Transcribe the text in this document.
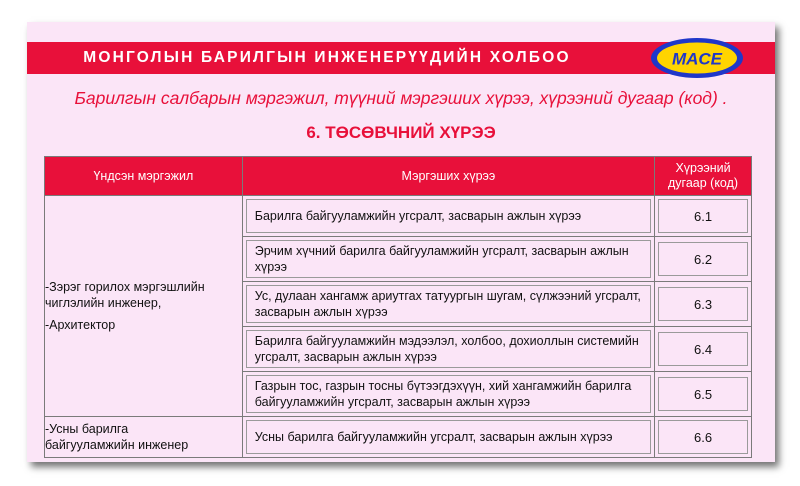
МОНГОЛЫН БАРИЛГЫН ИНЖЕНЕРҮҮДИЙН ХОЛБОО	MACE
Барилгын салбарын мэргэжил, түүний мэргэших хүрээ, хүрээний дугаар (код) .
6. ТӨСӨВЧНИЙ ХҮРЭЭ
Үндсэн мэргэжил	Мэргэших хүрээ	Хүрээний
дугаар (код)

-Зэрэг горилох мэргэшлийн
чиглэлийн инженер,
-Архитектор	Барилга байгууламжийн угсралт, засварын ажлын хүрээ	6.1

Эрчим хүчний барилга байгууламжийн угсралт, засварын ажлын хүрээ	6.2

Ус, дулаан хангамж ариутгах татуургын шугам, сүлжээний угсралт, засварын ажлын хүрээ	6.3

Барилга байгууламжийн мэдээлэл, холбоо, дохиоллын системийн угсралт, засварын ажлын хүрээ	6.4

Газрын тос, газрын тосны бүтээгдэхүүн, хий хангамжийн барилга байгууламжийн угсралт, засварын ажлын хүрээ	6.5

-Усны барилга
байгууламжийн инженер	Усны барилга байгууламжийн угсралт, засварын ажлын хүрээ	6.6
